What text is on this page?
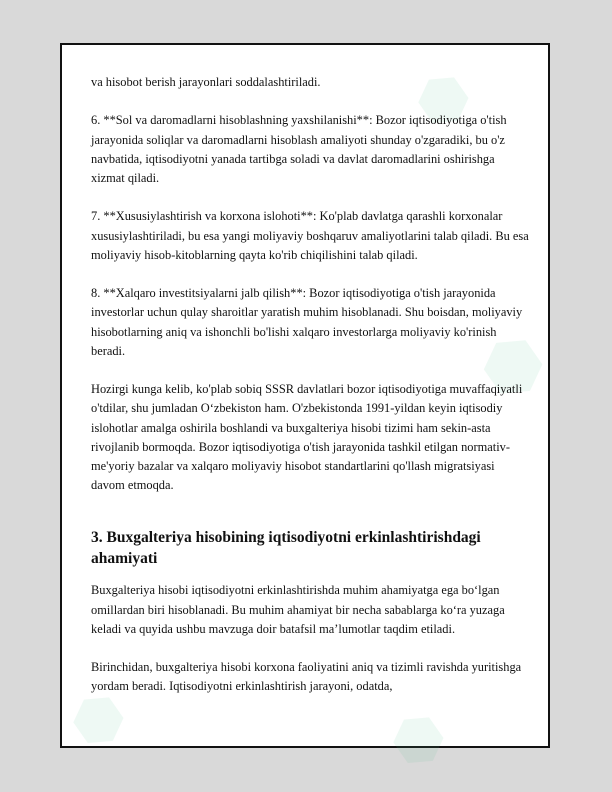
⬢
⬢
⬢	⬢

va hisobot berish jarayonlari soddalashtiriladi.

6. **Sol va daromadlarni hisoblashning yaxshilanishi**: Bozor iqtisodiyotiga o'tish jarayonida soliqlar va daromadlarni hisoblash amaliyoti shunday o'zgaradiki, bu o'z navbatida, iqtisodiyotni yanada tartibga soladi va davlat daromadlarini oshirishga xizmat qiladi.

7. **Xususiylashtirish va korxona islohoti**: Ko'plab davlatga qarashli korxonalar xususiylashtiriladi, bu esa yangi moliyaviy boshqaruv amaliyotlarini talab qiladi. Bu esa moliyaviy hisob-kitoblarning qayta ko'rib chiqilishini talab qiladi.

8. **Xalqaro investitsiyalarni jalb qilish**: Bozor iqtisodiyotiga o'tish jarayonida investorlar uchun qulay sharoitlar yaratish muhim hisoblanadi. Shu boisdan, moliyaviy hisobotlarning aniq va ishonchli bo'lishi xalqaro investorlarga moliyaviy ko'rinish beradi.

Hozirgi kunga kelib, ko'plab sobiq SSSR davlatlari bozor iqtisodiyotiga muvaffaqiyatli o'tdilar, shu jumladan O‘zbekiston ham. O'zbekistonda 1991-yildan keyin iqtisodiy islohotlar amalga oshirila boshlandi va buxgalteriya hisobi tizimi ham sekin-asta rivojlanib bormoqda. Bozor iqtisodiyotiga o'tish jarayonida tashkil etilgan normativ-me'yoriy bazalar va xalqaro moliyaviy hisobot standartlarini qo'llash migratsiyasi davom etmoqda.

3. Buxgalteriya hisobining iqtisodiyotni erkinlashtirishdagi ahamiyati

Buxgalteriya hisobi iqtisodiyotni erkinlashtirishda muhim ahamiyatga ega bo‘lgan omillardan biri hisoblanadi. Bu muhim ahamiyat bir necha sabablarga ko‘ra yuzaga keladi va quyida ushbu mavzuga doir batafsil ma’lumotlar taqdim etiladi.

Birinchidan, buxgalteriya hisobi korxona faoliyatini aniq va tizimli ravishda yuritishga yordam beradi. Iqtisodiyotni erkinlashtirish jarayoni, odatda,
